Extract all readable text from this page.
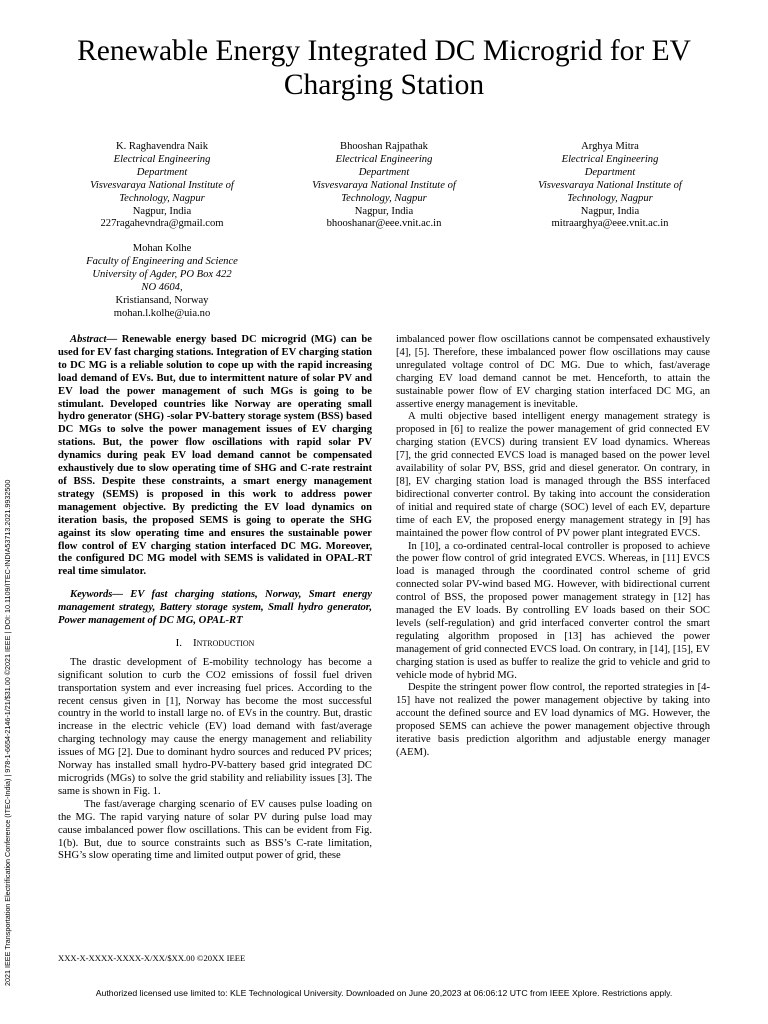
Renewable Energy Integrated DC Microgrid for EV Charging Station
K. Raghavendra Naik
Electrical Engineering
Department
Visvesvaraya National Institute of
Technology, Nagpur
Nagpur, India
227ragahevndra@gmail.com
Bhooshan Rajpathak
Electrical Engineering
Department
Visvesvaraya National Institute of
Technology, Nagpur
Nagpur, India
bhooshanar@eee.vnit.ac.in
Arghya Mitra
Electrical Engineering
Department
Visvesvaraya National Institute of
Technology, Nagpur
Nagpur, India
mitraarghya@eee.vnit.ac.in
Mohan Kolhe
Faculty of Engineering and Science
University of Agder, PO Box 422
NO 4604,
Kristiansand, Norway
mohan.l.kolhe@uia.no

Abstract— Renewable energy based DC microgrid (MG) can be used for EV fast charging stations. Integration of EV charging station to DC MG is a reliable solution to cope up with the rapid increasing load demand of EVs. But, due to intermittent nature of solar PV and EV load the power management of such MGs is going to be stimulant. Developed countries like Norway are operating small hydro generator (SHG) -solar PV-battery storage system (BSS) based DC MGs to solve the power management issues of EV charging stations. But, the power flow oscillations with rapid solar PV dynamics during peak EV load demand cannot be compensated exhaustively due to slow operating time of SHG and C-rate restraint of BSS. Despite these constraints, a smart energy management strategy (SEMS) is proposed in this work to address power management objective. By predicting the EV load dynamics on iteration basis, the proposed SEMS is going to operate the SHG against its slow operating time and ensures the sustainable power flow control of EV charging station interfaced DC MG. Moreover, the configured DC MG model with SEMS is validated in OPAL-RT real time simulator.

Keywords— EV fast charging stations, Norway, Smart energy management strategy, Battery storage system, Small hydro generator, Power management of DC MG, OPAL-RT

I. Introduction

The drastic development of E-mobility technology has become a significant solution to curb the CO2 emissions of fossil fuel driven transportation system and ever increasing fuel prices. According to the recent census given in [1], Norway has become the most successful country in the world to install large no. of EVs in the country. But, drastic increase in the electric vehicle (EV) load demand with fast/average charging technology may cause the energy management and reliability issues of MG [2]. Due to dominant hydro sources and reduced PV prices; Norway has installed small hydro-PV-battery based grid integrated DC microgrids (MGs) to solve the grid stability and reliability issues [3]. The same is shown in Fig. 1.

The fast/average charging scenario of EV causes pulse loading on the MG. The rapid varying nature of solar PV during pulse load may cause imbalanced power flow oscillations. This can be evident from Fig. 1(b). But, due to source constraints such as BSS’s C-rate limitation, SHG’s slow operating time and limited output power of grid, these

imbalanced power flow oscillations cannot be compensated exhaustively [4], [5]. Therefore, these imbalanced power flow oscillations may cause unregulated voltage control of DC MG. Due to which, fast/average charging EV load demand cannot be met. Henceforth, to attain the sustainable power flow of EV charging station interfaced DC MG, an assertive energy management is inevitable.

A multi objective based intelligent energy management strategy is proposed in [6] to realize the power management of grid connected EV charging station (EVCS) during transient EV load dynamics. Whereas [7], the grid connected EVCS load is managed based on the power level availability of solar PV, BSS, grid and diesel generator. On contrary, in [8], EV charging station load is managed through the BSS interfaced bidirectional converter control. By taking into account the consideration of initial and required state of charge (SOC) level of each EV, departure time of each EV, the proposed energy management strategy in [9] has maintained the power flow control of PV power plant integrated EVCS.

In [10], a co-ordinated central-local controller is proposed to achieve the power flow control of grid integrated EVCS. Whereas, in [11] EVCS load is managed through the coordinated control scheme of grid connected solar PV-wind based MG. However, with bidirectional current control of BSS, the proposed power management strategy in [12] has managed the EV loads. By controlling EV loads based on their SOC levels (self-regulation) and grid interfaced converter control the smart regulating algorithm proposed in [13] has achieved the power management of grid connected EVCS load. On contrary, in [14], [15], EV charging station is used as buffer to realize the grid to vehicle and grid to vehicle mode of hybrid MG.

Despite the stringent power flow control, the reported strategies in [4-15] have not realized the power management objective by taking into account the defined source and EV load dynamics of MG. However, the proposed SEMS can achieve the power management objective through iterative basis prediction algorithm and adjustable energy manager (AEM).

2021 IEEE Transportation Electrification Conference (ITEC-India) | 978-1-6654-2146-1/21/$31.00 ©2021 IEEE | DOI: 10.1109/ITEC-INDIA53713.2021.9932500	XXX-X-XXXX-XXXX-X/XX/$XX.00 ©20XX IEEE
Authorized licensed use limited to: KLE Technological University. Downloaded on June 20,2023 at 06:06:12 UTC from IEEE Xplore. Restrictions apply.
